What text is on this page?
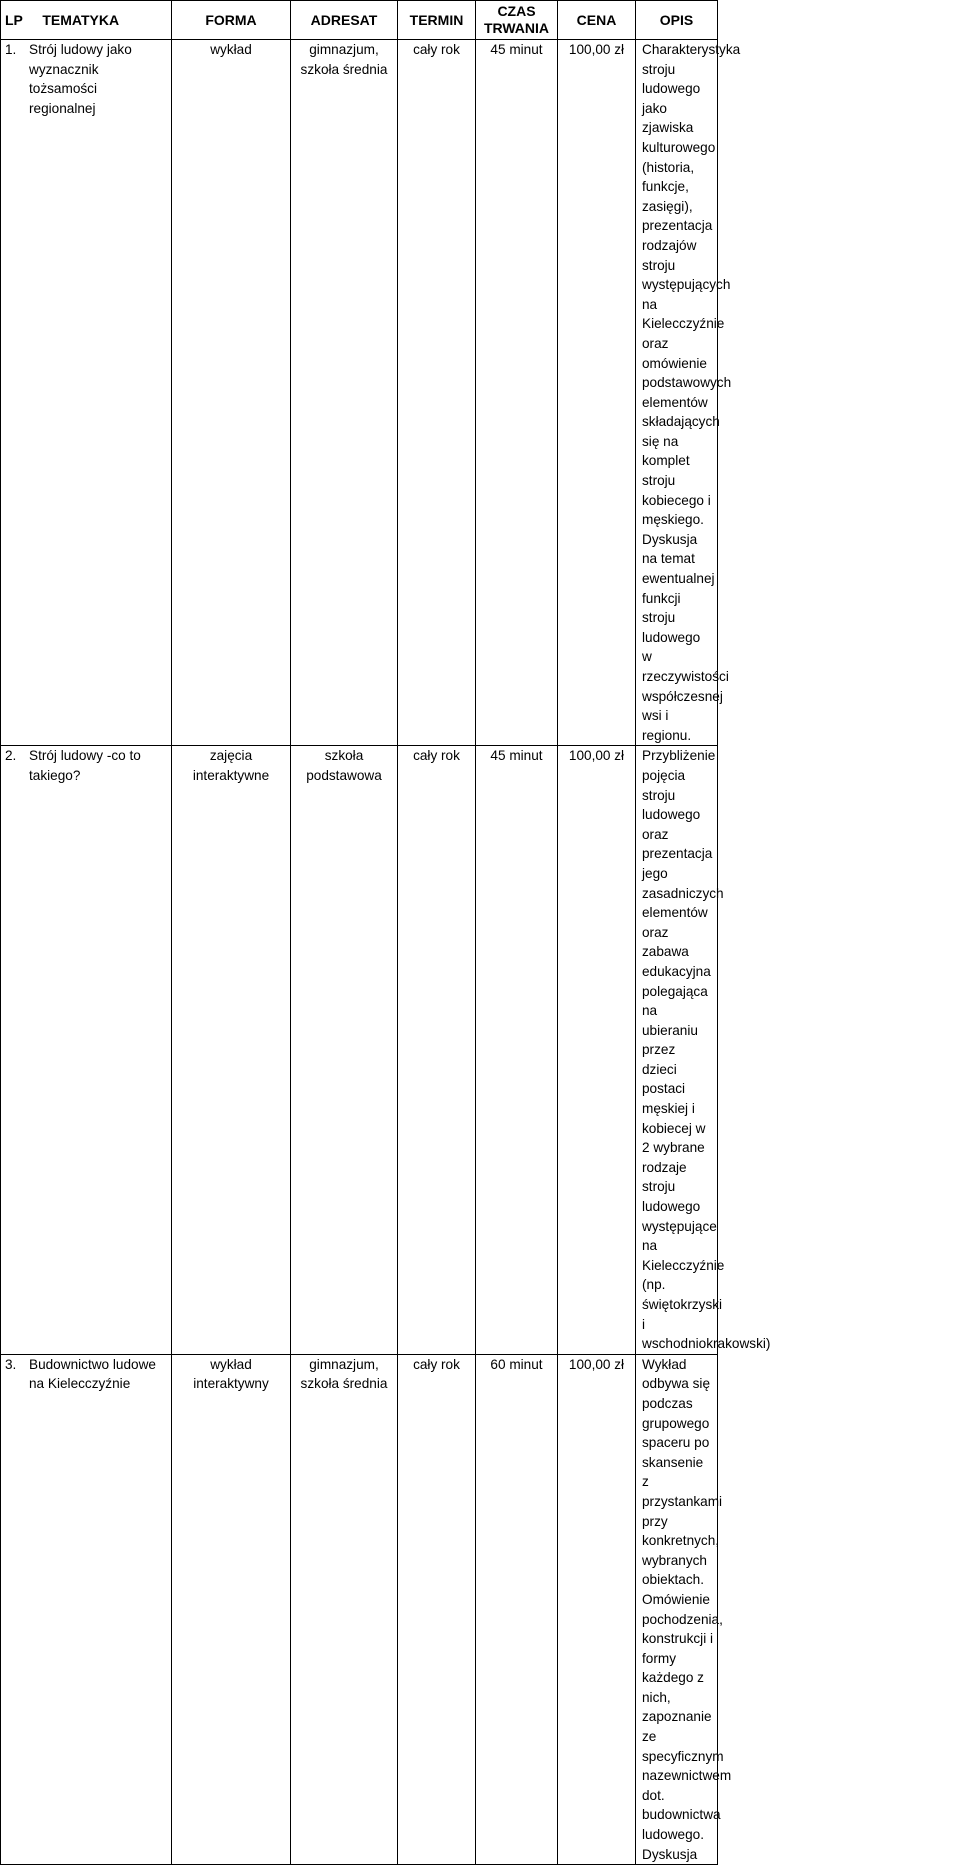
LP TEMATYKA	FORMA	ADRESAT	TERMIN	CZAS TRWANIA	CENA	OPIS

1. Strój ludowy jako wyznacznik tożsamości regionalnej	wykład	gimnazjum, szkoła średnia	cały rok	45 minut	100,00 zł	Charakterystyka stroju ludowego jako zjawiska kulturowego (historia, funkcje, zasięgi), prezentacja rodzajów stroju występujących na Kielecczyźnie oraz omówienie podstawowych elementów składających się na komplet stroju kobiecego i męskiego. Dyskusja na temat ewentualnej funkcji stroju ludowego w rzeczywistości współczesnej wsi i regionu.

2. Strój ludowy -co to takiego?	zajęcia interaktywne	szkoła podstawowa	cały rok	45 minut	100,00 zł	Przybliżenie pojęcia stroju ludowego oraz prezentacja jego zasadniczych elementów oraz zabawa edukacyjna polegająca na ubieraniu przez dzieci postaci męskiej i kobiecej w 2 wybrane rodzaje stroju ludowego występujące na Kielecczyźnie (np. świętokrzyski i wschodniokrakowski)

3. Budownictwo ludowe na Kielecczyźnie	wykład interaktywny	gimnazjum, szkoła średnia	cały rok	60 minut	100,00 zł	Wykład odbywa się podczas grupowego spaceru po skansenie z przystankami przy konkretnych, wybranych obiektach. Omówienie pochodzenia, konstrukcji i formy każdego z nich, zapoznanie ze specyficznym nazewnictwem dot. budownictwa ludowego. Dyskusja
